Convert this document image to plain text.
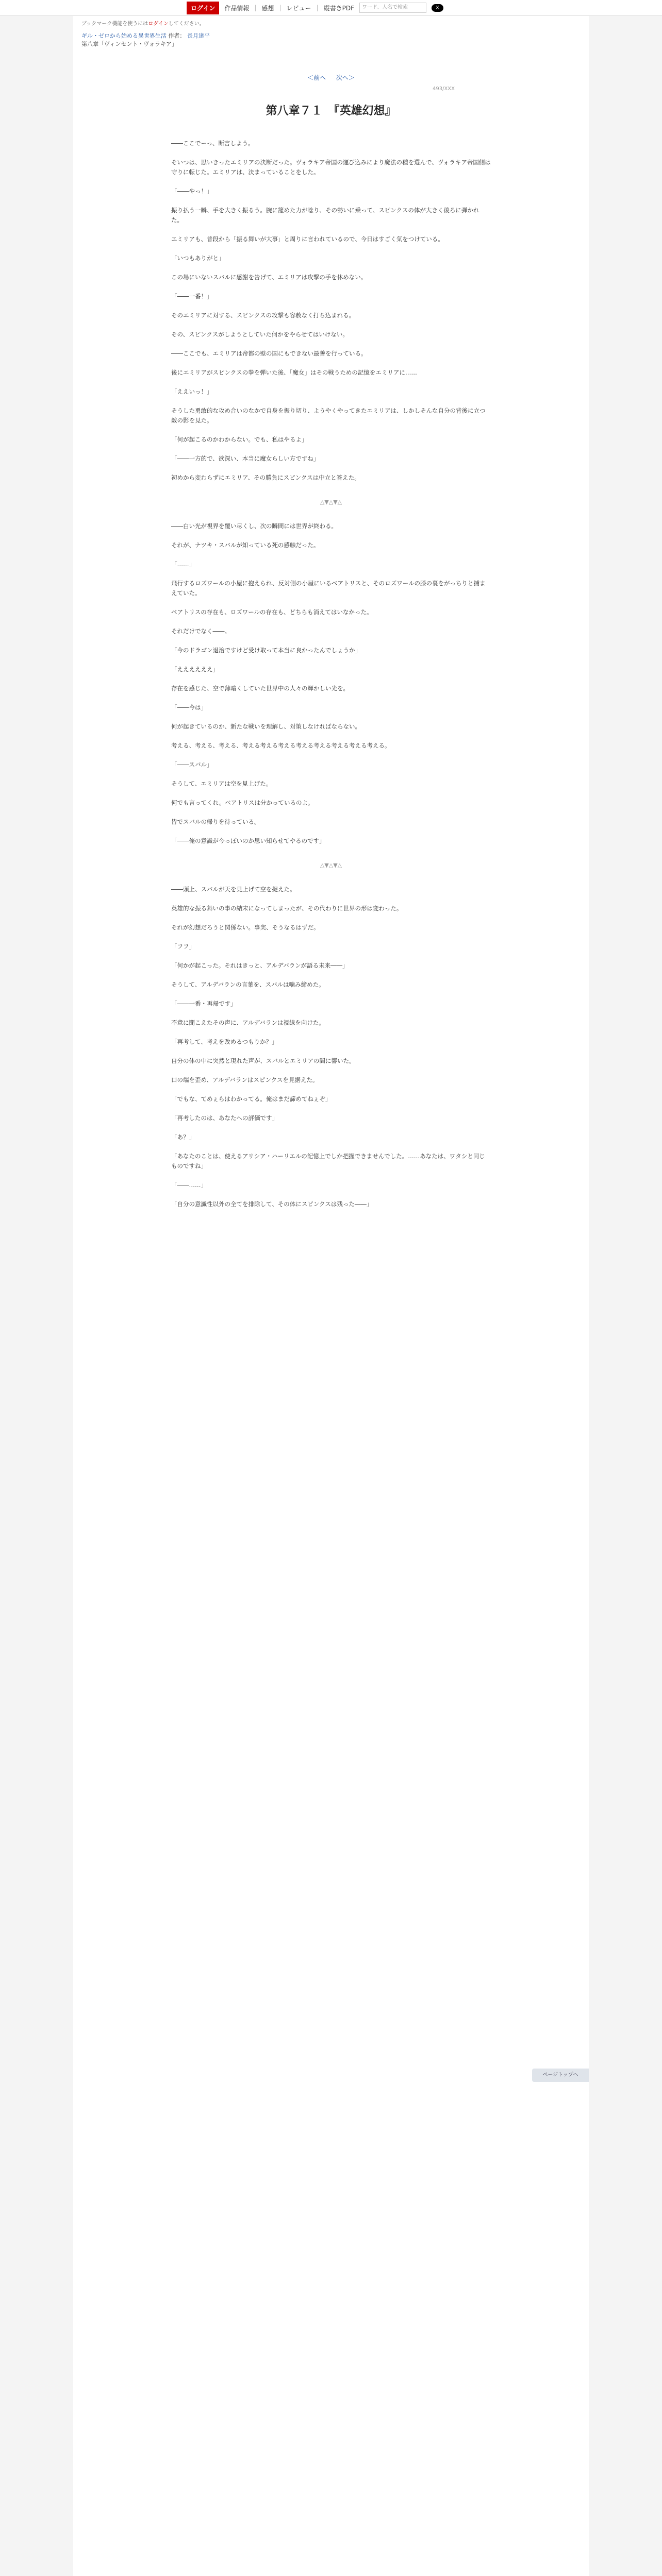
ログイン	作品情報 | 感想 | レビュー | 縦書きPDF	ワード、人名で検索	X
ブックマーク機能を使うにはログインしてください。
ギル・ゼロから始める異世界生活 作者： 長月達平
第八章「ヴィンセント・ヴォラキア」
＜前へ 次へ＞
493/XXX
第八章７１　『英雄幻想』

――ここでーっ、断言しよう。

そいつは、思いきったエミリアの決断だった。ヴォラキア帝国の運び込みにより魔法の種を選んで、ヴォラキア帝国側は守りに転じた。エミリアは、決まっていることをした。

「――やっ！」

振り払う一瞬、手を大きく振るう。腕に籠めた力が唸り、その勢いに乗って、スピンクスの体が大きく後ろに弾かれた。

エミリアも、普段から「振る舞いが大事」と周りに言われているので、今日はすごく気をつけている。

「いつもありがと」

この場にいないスバルに感謝を告げて、エミリアは攻撃の手を休めない。

「――一番！」

そのエミリアに対する、スピンクスの攻撃も容赦なく打ち込まれる。

その、スピンクスがしようとしていた何かをやらせてはいけない。

――ここでも、エミリアは帝都の壁の国にもできない最善を行っている。

後にエミリアがスピンクスの拳を弾いた後、「魔女」はその戦うための記憶をエミリアに……

「ええいっ！」

そうした勇敢的な攻め合いのなかで自身を振り切り、ようやくやってきたエミリアは、しかしそんな自分の背後に立つ敵の影を見た。

「何が起こるのかわからない。でも、私はやるよ」

「――一方的で、欲深い、本当に魔女らしい方ですね」

初めから変わらずにエミリア、その勝負にスピンクスは中立と答えた。

△▼△▼△

――白い光が視界を覆い尽くし、次の瞬間には世界が終わる。

それが、ナツキ・スバルが知っている死の感触だった。

「……」

飛行するロズワールの小屋に抱えられ、反対側の小屋にいるベアトリスと、そのロズワールの膝の裏をがっちりと捕まえていた。

ベアトリスの存在も、ロズワールの存在も、どちらも消えてはいなかった。

それだけでなく――。

「今のドラゴン退治ですけど受け取って本当に良かったんでしょうか」

「ええええええ」

存在を感じた、空で薄暗くしていた世界中の人々の輝かしい光を。

「――今は」

何が起きているのか、新たな戦いを理解し、対策しなければならない。

考える、考える、考える、考える考える考える考える考える考える考える考える。

「――スバル」

そうして、エミリアは空を見上げた。

何でも言ってくれ。ベアトリスは分かっているのよ。

皆でスバルの帰りを待っている。

「――俺の意識が今っぽいのか思い知らせてやるのです」

△▼△▼△

――頭上、スバルが天を見上げて空を捉えた。

英雄的な振る舞いの事の結末になってしまったが、その代わりに世界の形は変わった。

それが幻想だろうと関係ない。事実、そうなるはずだ。

「フフ」

「何かが起こった。それはきっと、アルデバランが語る未来――」

そうして、アルデバランの言葉を、スバルは噛み締めた。

「――一番・再帰です」

不意に聞こえたその声に、アルデバランは視線を向けた。

「再考して、考えを改めるつもりか？」

自分の体の中に突然と現れた声が、スバルとエミリアの間に響いた。

口の端を歪め、アルデバランはスピンクスを見据えた。

「でもな、てめぇらはわかってる。俺はまだ諦めてねぇぞ」

「再考したのは、あなたへの評価です」

「あ？」

「あなたのことは、使えるアリシア・ハーリエルの記憶上でしか把握できませんでした。……あなたは、ワタシと同じものですね」

「――……」

「自分の意識性以外の全てを排除して、その体にスピンクスは残った――」

ページトップへ
